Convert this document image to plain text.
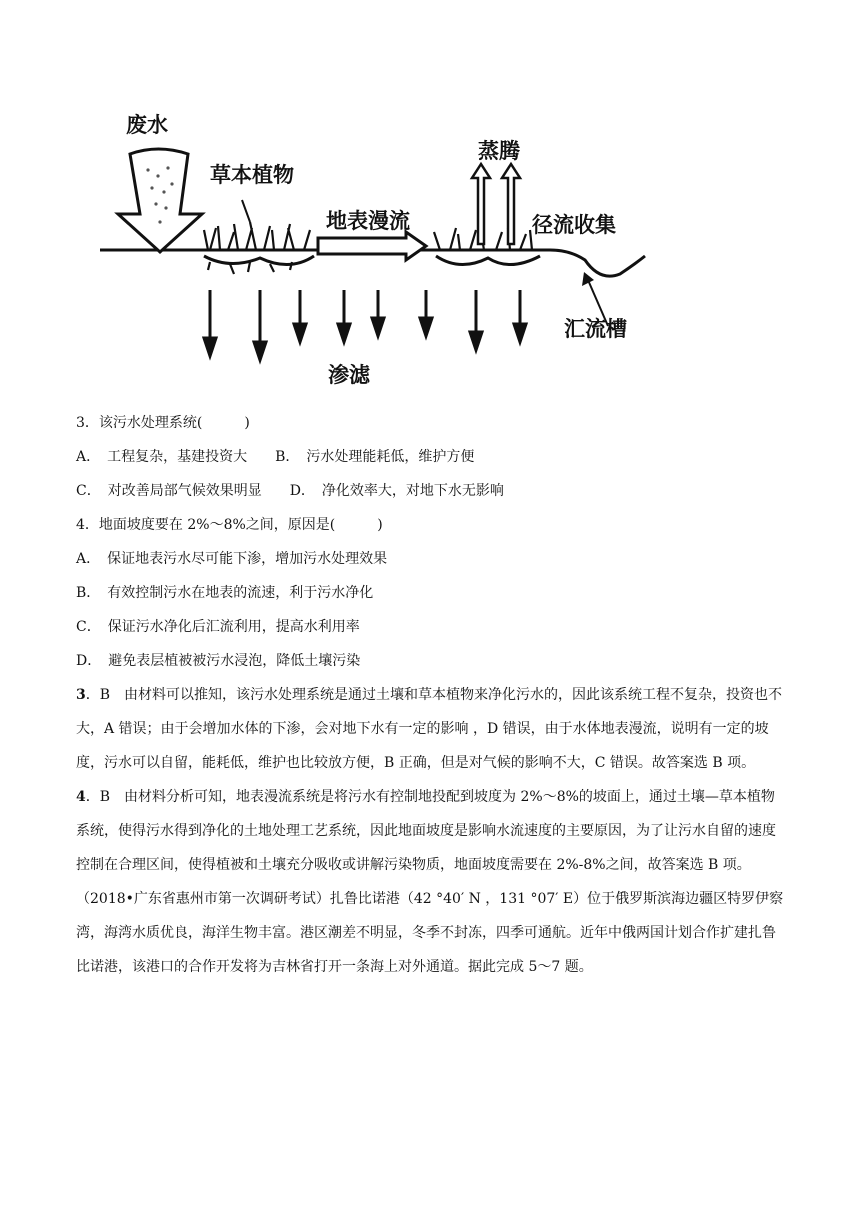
废水
草本植物
蒸腾
地表漫流	径流收集
汇流槽
渗滤
3．该污水处理系统(　　　)
A．　工程复杂，基建投资大　　B．　污水处理能耗低，维护方便
C．　对改善局部气候效果明显　　D．　净化效率大，对地下水无影响
4．地面坡度要在 2%～8%之间，原因是(　　　)
A．　保证地表污水尽可能下渗，增加污水处理效果
B．　有效控制污水在地表的流速，利于污水净化
C．　保证污水净化后汇流利用，提高水利用率
D．　避免表层植被被污水浸泡，降低土壤污染
3．B　由材料可以推知，该污水处理系统是通过土壤和草本植物来净化污水的，因此该系统工程不复杂，投资也不大，A 错误；由于会增加水体的下渗，会对地下水有一定的影响 ，D 错误，由于水体地表漫流，说明有一定的坡度，污水可以自留，能耗低，维护也比较放方便，B 正确，但是对气候的影响不大，C 错误。故答案选 B 项。
4．B　由材料分析可知，地表漫流系统是将污水有控制地投配到坡度为 2%～8%的坡面上，通过土壤—草本植物系统，使得污水得到净化的土地处理工艺系统，因此地面坡度是影响水流速度的主要原因，为了让污水自留的速度控制在合理区间，使得植被和土壤充分吸收或讲解污染物质，地面坡度需要在 2%-8%之间，故答案选 B 项。
（2018•广东省惠州市第一次调研考试）扎鲁比诺港（42 °40′ N ，131 °07′ E）位于俄罗斯滨海边疆区特罗伊察湾，海湾水质优良，海洋生物丰富。港区潮差不明显，冬季不封冻，四季可通航。近年中俄两国计划合作扩建扎鲁比诺港，该港口的合作开发将为吉林省打开一条海上对外通道。据此完成 5～7 题。
